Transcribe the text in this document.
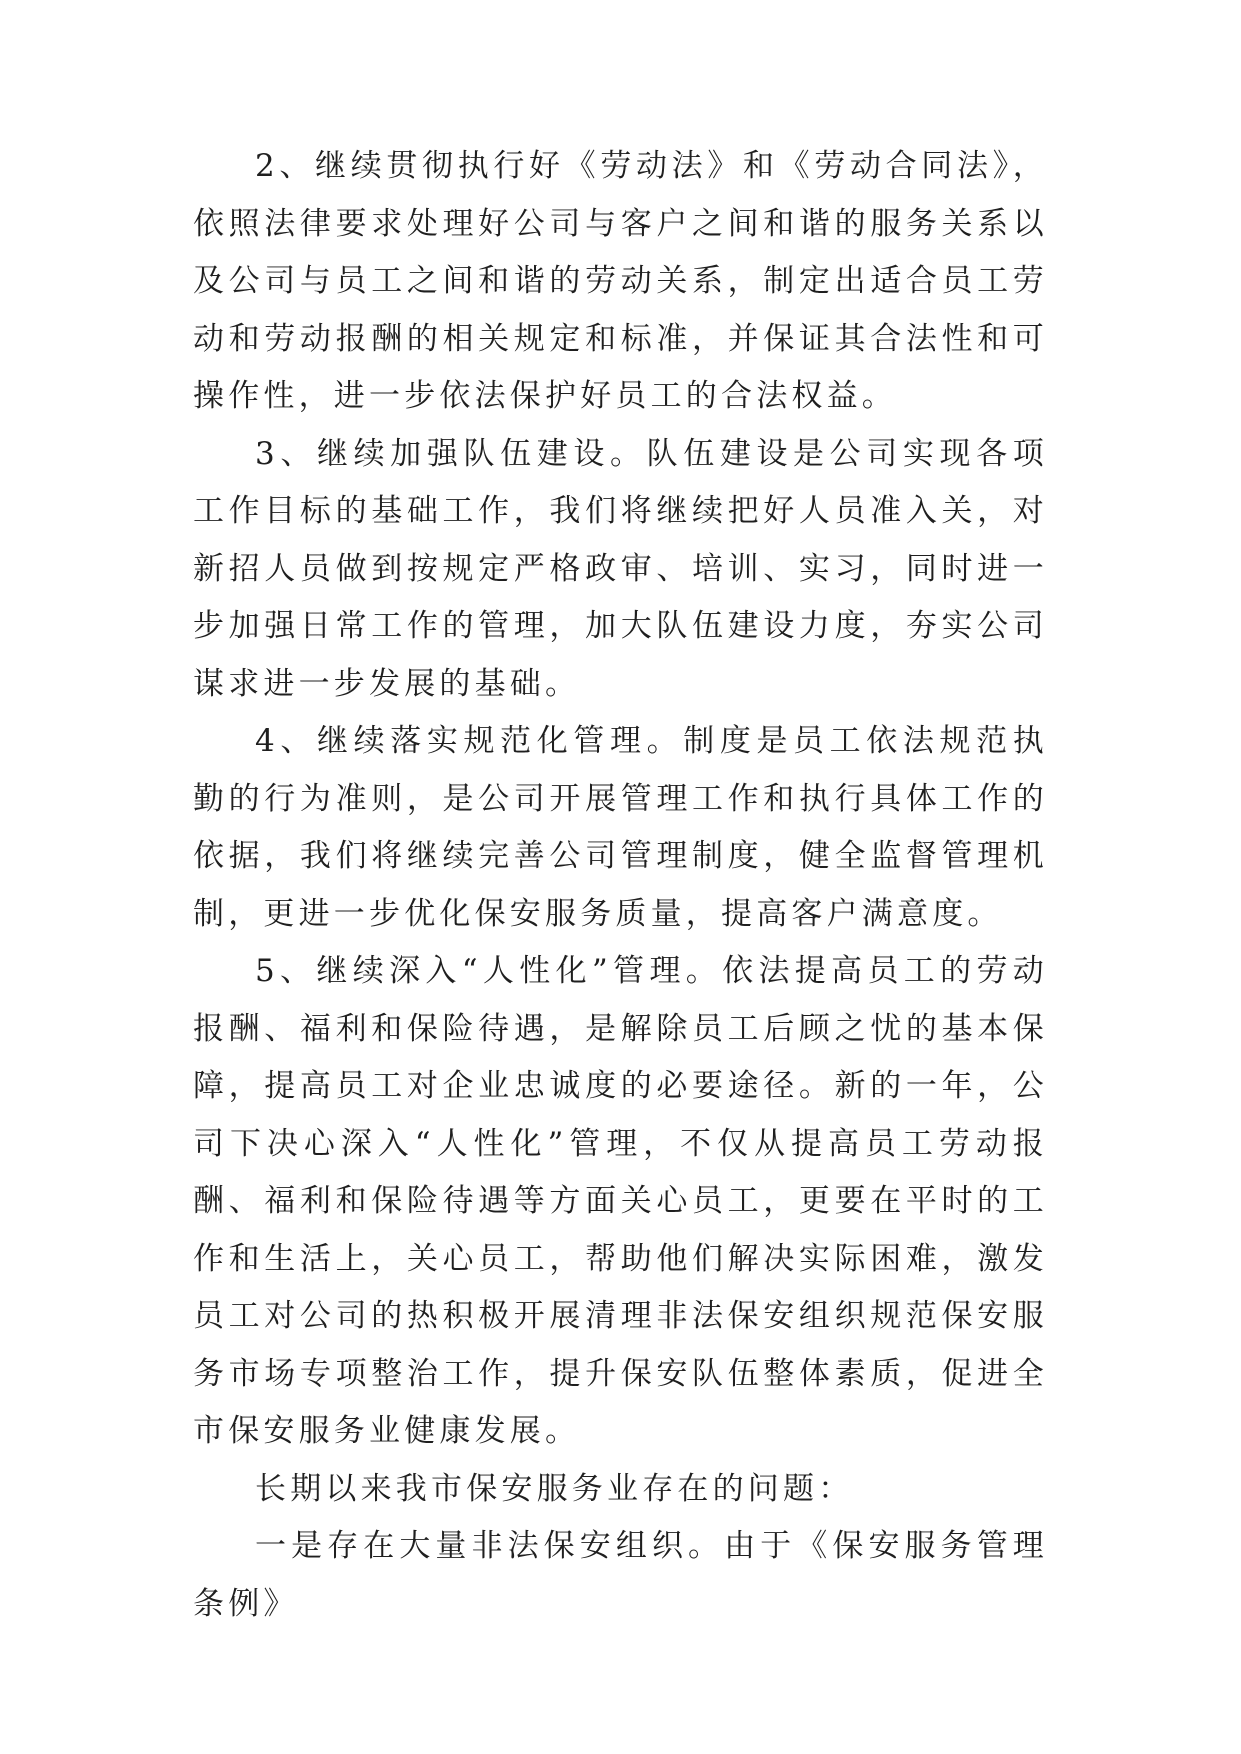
2、继续贯彻执行好《劳动法》和《劳动合同法》，依照法律要求处理好公司与客户之间和谐的服务关系以及公司与员工之间和谐的劳动关系，制定出适合员工劳动和劳动报酬的相关规定和标准，并保证其合法性和可操作性，进一步依法保护好员工的合法权益。

3、继续加强队伍建设。队伍建设是公司实现各项工作目标的基础工作，我们将继续把好人员准入关，对新招人员做到按规定严格政审、培训、实习，同时进一步加强日常工作的管理，加大队伍建设力度，夯实公司谋求进一步发展的基础。

4、继续落实规范化管理。制度是员工依法规范执勤的行为准则，是公司开展管理工作和执行具体工作的依据，我们将继续完善公司管理制度，健全监督管理机制，更进一步优化保安服务质量，提高客户满意度。

5、继续深入“人性化”管理。依法提高员工的劳动报酬、福利和保险待遇，是解除员工后顾之忧的基本保障，提高员工对企业忠诚度的必要途径。新的一年，公司下决心深入“人性化”管理，不仅从提高员工劳动报酬、福利和保险待遇等方面关心员工，更要在平时的工作和生活上，关心员工，帮助他们解决实际困难，激发员工对公司的热积极开展清理非法保安组织规范保安服务市场专项整治工作，提升保安队伍整体素质，促进全市保安服务业健康发展。

长期以来我市保安服务业存在的问题：

一是存在大量非法保安组织。由于《保安服务管理条例》
